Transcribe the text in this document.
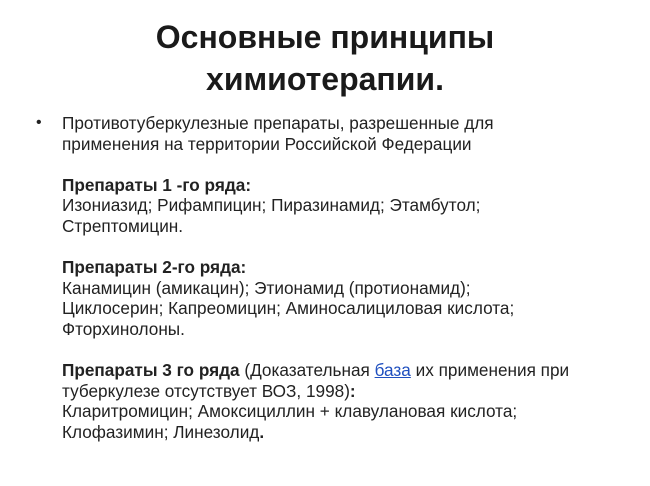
Основные принципы
химиотерапии.
•	Противотуберкулезные препараты, разрешенные для
применения на территории Российской Федерации
Препараты 1 -го ряда:
Изониазид; Рифампицин; Пиразинамид; Этамбутол;
Стрептомицин.
Препараты 2-го ряда:
Канамицин (амикацин); Этионамид (протионамид);
Циклосерин; Капреомицин; Аминосалициловая кислота;
Фторхинолоны.
Препараты 3 го ряда (Доказательная база их применения при
туберкулезе отсутствует ВОЗ, 1998):
Кларитромицин; Амоксициллин + клавулановая кислота;
Клофазимин; Линезолид.
